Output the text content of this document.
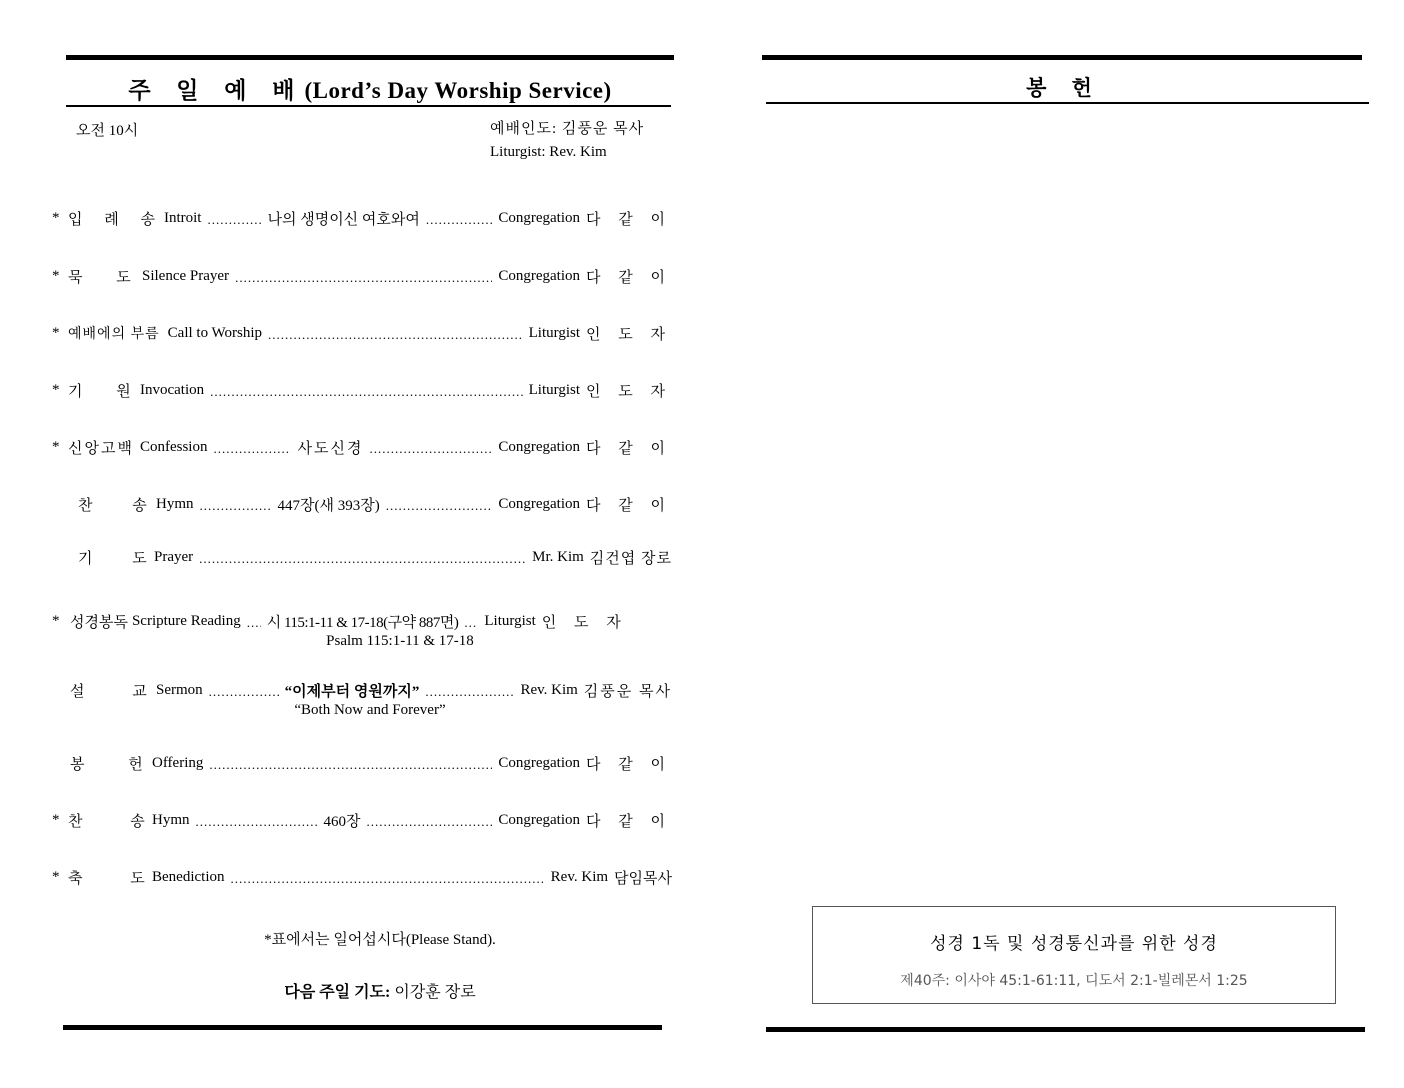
주 일 예 배(Lord’s Day Worship Service)
오전 10시	예배인도: 김풍운 목사
Liturgist: Rev. Kim
* 입 례 송 Introit .....	나의 생명이신 여호와여 .....	Congregation 다 같 이
* 묵 도 Silence Prayer .....	Congregation 다 같 이
* 예배에의 부름 Call to Worship .....	Liturgist 인 도 자
* 기 원 Invocation .....	Liturgist 인 도 자
* 신앙고백 Confession .....	사도신경 .....	Congregation 다 같 이
찬 송 Hymn .....	447장(새 393장) .....	Congregation 다 같 이
기 도 Prayer .....	Mr. Kim 김건엽 장로
* 성경봉독 Scripture Reading ..... 시 115:1-11 & 17-18(구약 887면) ..... Liturgist 인 도 자
Psalm 115:1-11 & 17-18
설 교 Sermon .....	“이제부터 영원까지” .....	Rev. Kim 김풍운 목사
“Both Now and Forever”
봉 헌 Offering .....	Congregation 다 같 이
* 찬 송 Hymn .....	460장 .....	Congregation 다 같 이
* 축 도 Benediction .....	Rev. Kim 담임목사
*표에서는 일어섭시다(Please Stand).
다음 주일 기도: 이강훈 장로
봉 헌
성경 1독 및 성경통신과를 위한 성경
제40주: 이사야 45:1-61:11, 디도서 2:1-빌레몬서 1:25
